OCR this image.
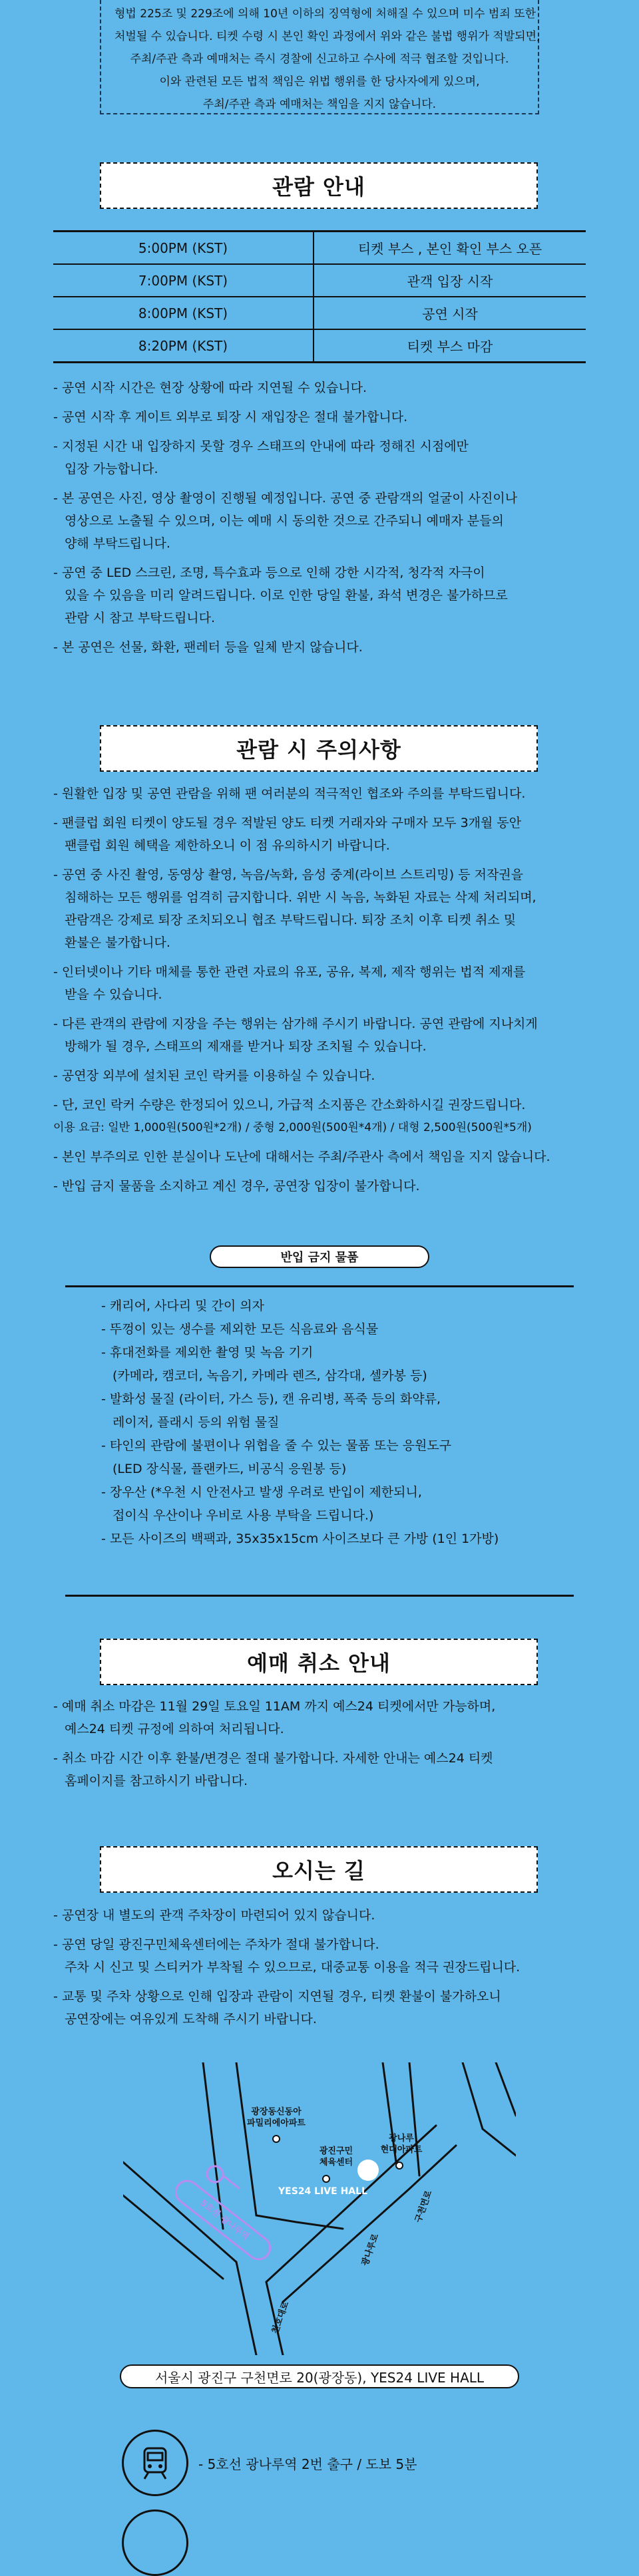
형법 225조 및 229조에 의해 10년 이하의 징역형에 처해질 수 있으며 미수 범죄 또한
처벌될 수 있습니다. 티켓 수령 시 본인 확인 과정에서 위와 같은 불법 행위가 적발되면,
주최/주관 측과 예매처는 즉시 경찰에 신고하고 수사에 적극 협조할 것입니다.
이와 관련된 모든 법적 책임은 위법 행위를 한 당사자에게 있으며,
주최/주관 측과 예매처는 책임을 지지 않습니다.
관람 안내
5:00PM (KST)	티켓 부스 , 본인 확인 부스 오픈
7:00PM (KST)	관객 입장 시작
8:00PM (KST)	공연 시작
8:20PM (KST)	티켓 부스 마감
- 공연 시작 시간은 현장 상황에 따라 지연될 수 있습니다.
- 공연 시작 후 게이트 외부로 퇴장 시 재입장은 절대 불가합니다.
- 지정된 시간 내 입장하지 못할 경우 스태프의 안내에 따라 정해진 시점에만
입장 가능합니다.
- 본 공연은 사진, 영상 촬영이 진행될 예정입니다. 공연 중 관람객의 얼굴이 사진이나
영상으로 노출될 수 있으며, 이는 예매 시 동의한 것으로 간주되니 예매자 분들의
양해 부탁드립니다.
- 공연 중 LED 스크린, 조명, 특수효과 등으로 인해 강한 시각적, 청각적 자극이
있을 수 있음을 미리 알려드립니다. 이로 인한 당일 환불, 좌석 변경은 불가하므로
관람 시 참고 부탁드립니다.
- 본 공연은 선물, 화환, 팬레터 등을 일체 받지 않습니다.
관람 시 주의사항
- 원활한 입장 및 공연 관람을 위해 팬 여러분의 적극적인 협조와 주의를 부탁드립니다.
- 팬클럽 회원 티켓이 양도될 경우 적발된 양도 티켓 거래자와 구매자 모두 3개월 동안
팬클럽 회원 혜택을 제한하오니 이 점 유의하시기 바랍니다.
- 공연 중 사진 촬영, 동영상 촬영, 녹음/녹화, 음성 중계(라이브 스트리밍) 등 저작권을
침해하는 모든 행위를 엄격히 금지합니다. 위반 시 녹음, 녹화된 자료는 삭제 처리되며,
관람객은 강제로 퇴장 조치되오니 협조 부탁드립니다. 퇴장 조치 이후 티켓 취소 및
환불은 불가합니다.
- 인터넷이나 기타 매체를 통한 관련 자료의 유포, 공유, 복제, 제작 행위는 법적 제재를
받을 수 있습니다.
- 다른 관객의 관람에 지장을 주는 행위는 삼가해 주시기 바랍니다. 공연 관람에 지나치게
방해가 될 경우, 스태프의 제재를 받거나 퇴장 조치될 수 있습니다.
- 공연장 외부에 설치된 코인 락커를 이용하실 수 있습니다.
- 단, 코인 락커 수량은 한정되어 있으니, 가급적 소지품은 간소화하시길 권장드립니다.
이용 요금: 일반 1,000원(500원*2개) / 중형 2,000원(500원*4개) / 대형 2,500원(500원*5개)
- 본인 부주의로 인한 분실이나 도난에 대해서는 주최/주관사 측에서 책임을 지지 않습니다.
- 반입 금지 물품을 소지하고 계신 경우, 공연장 입장이 불가합니다.
반입 금지 물품
- 캐리어, 사다리 및 간이 의자
- 뚜껑이 있는 생수를 제외한 모든 식음료와 음식물
- 휴대전화를 제외한 촬영 및 녹음 기기
(카메라, 캠코더, 녹음기, 카메라 렌즈, 삼각대, 셀카봉 등)
- 발화성 물질 (라이터, 가스 등), 캔 유리병, 폭죽 등의 화약류,
레이저, 플래시 등의 위험 물질
- 타인의 관람에 불편이나 위협을 줄 수 있는 물품 또는 응원도구
(LED 장식물, 플랜카드, 비공식 응원봉 등)
- 장우산 (*우천 시 안전사고 발생 우려로 반입이 제한되니,
접이식 우산이나 우비로 사용 부탁을 드립니다.)
- 모든 사이즈의 백팩과, 35x35x15cm 사이즈보다 큰 가방 (1인 1가방)
예매 취소 안내
- 예매 취소 마감은 11월 29일 토요일 11AM 까지 예스24 티켓에서만 가능하며,
예스24 티켓 규정에 의하여 처리됩니다.
- 취소 마감 시간 이후 환불/변경은 절대 불가합니다. 자세한 안내는 예스24 티켓
홈페이지를 참고하시기 바랍니다.
오시는 길
- 공연장 내 별도의 관객 주차장이 마련되어 있지 않습니다.
- 공연 당일 광진구민체육센터에는 주차가 절대 불가합니다.
주차 시 신고 및 스티커가 부착될 수 있으므로, 대중교통 이용을 적극 권장드립니다.
- 교통 및 주차 상황으로 인해 입장과 관람이 지연될 경우, 티켓 환불이 불가하오니
공연장에는 여유있게 도착해 주시기 바랍니다.
광장동신동아
파밀리에아파트
광나루
현대아파트
광진구민
체육센터
YES24 LIVE HALL
5호선 광나루역	구천면로
광나루로
천호대로
서울시 광진구 구천면로 20(광장동), YES24 LIVE HALL
- 5호선 광나루역 2번 출구 / 도보 5분
